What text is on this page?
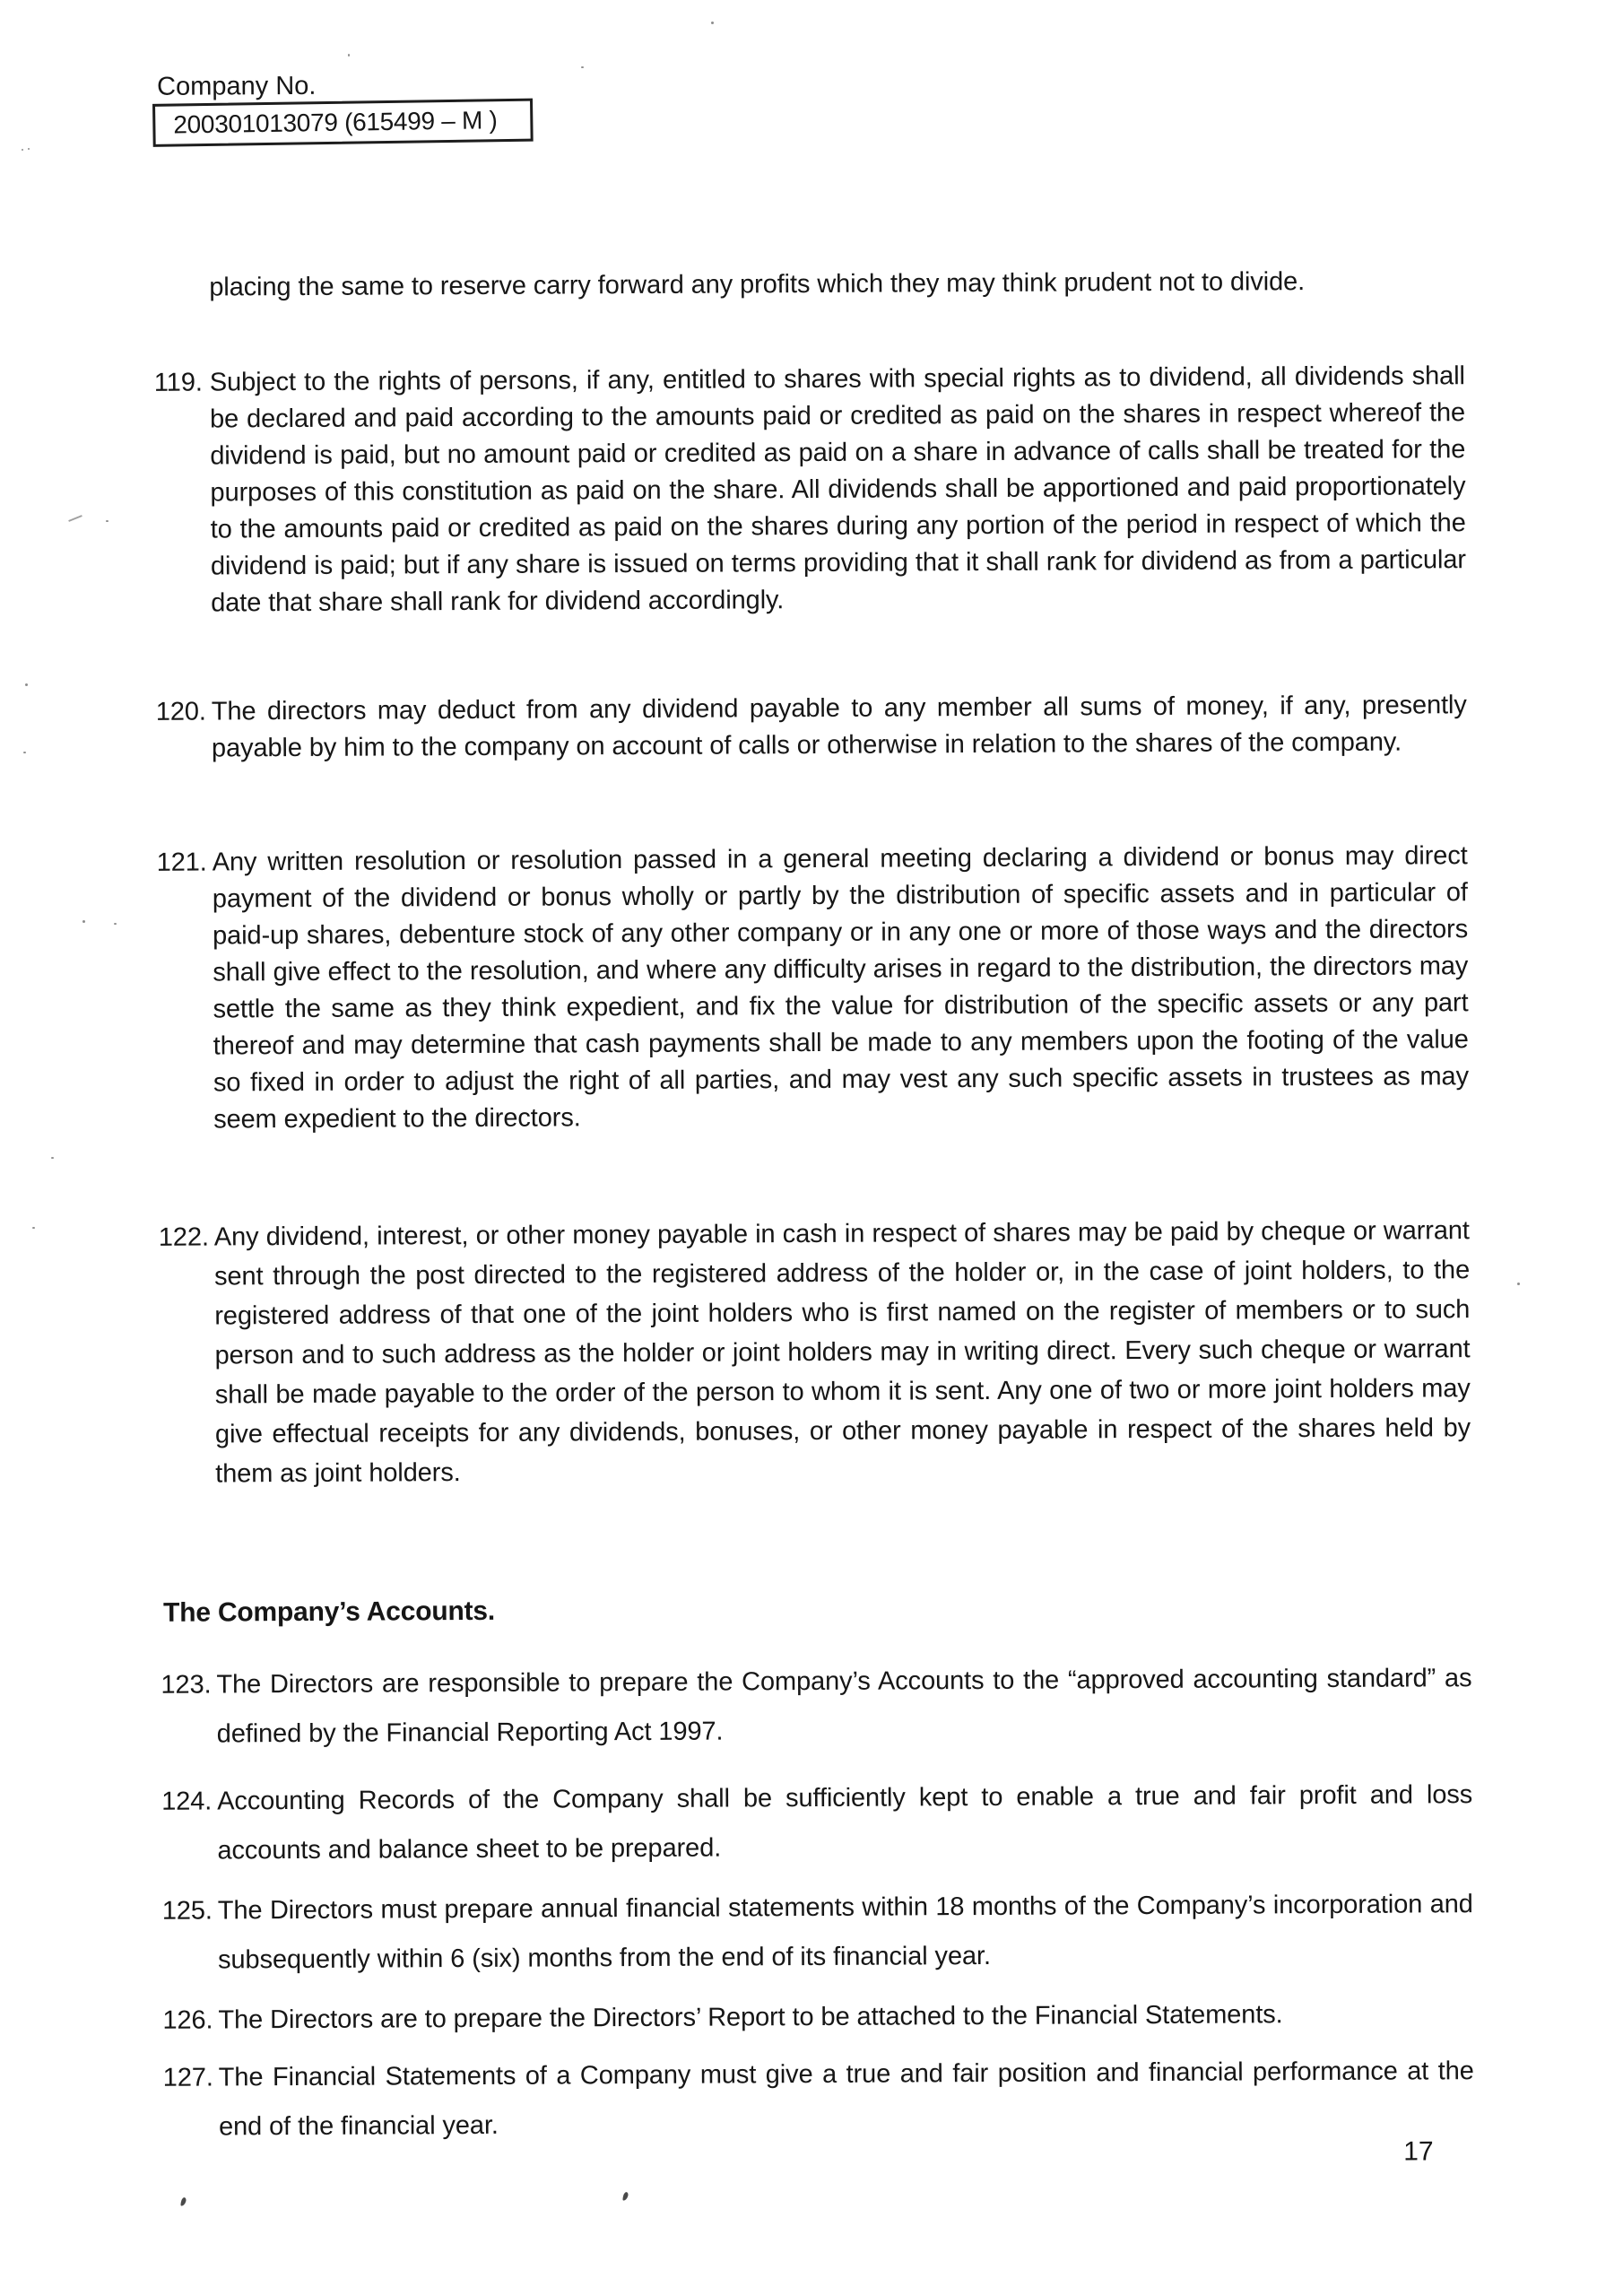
Company No.
200301013079 (615499 – M )

placing the same to reserve carry forward any profits which they may think prudent not to divide.

119. Subject to the rights of persons, if any, entitled to shares with special rights as to dividend, all dividends shall be declared and paid according to the amounts paid or credited as paid on the shares in respect whereof the dividend is paid, but no amount paid or credited as paid on a share in advance of calls shall be treated for the purposes of this constitution as paid on the share. All dividends shall be apportioned and paid proportionately to the amounts paid or credited as paid on the shares during any portion of the period in respect of which the dividend is paid; but if any share is issued on terms providing that it shall rank for dividend as from a particular date that share shall rank for dividend accordingly.
120. The directors may deduct from any dividend payable to any member all sums of money, if any, presently payable by him to the company on account of calls or otherwise in relation to the shares of the company.
121. Any written resolution or resolution passed in a general meeting declaring a dividend or bonus may direct payment of the dividend or bonus wholly or partly by the distribution of specific assets and in particular of paid-up shares, debenture stock of any other company or in any one or more of those ways and the directors shall give effect to the resolution, and where any difficulty arises in regard to the distribution, the directors may settle the same as they think expedient, and fix the value for distribution of the specific assets or any part thereof and may determine that cash payments shall be made to any members upon the footing of the value so fixed in order to adjust the right of all parties, and may vest any such specific assets in trustees as may seem expedient to the directors.
122. Any dividend, interest, or other money payable in cash in respect of shares may be paid by cheque or warrant sent through the post directed to the registered address of the holder or, in the case of joint holders, to the registered address of that one of the joint holders who is first named on the register of members or to such person and to such address as the holder or joint holders may in writing direct. Every such cheque or warrant shall be made payable to the order of the person to whom it is sent. Any one of two or more joint holders may give effectual receipts for any dividends, bonuses, or other money payable in respect of the shares held by them as joint holders.
The Company’s Accounts.
123. The Directors are responsible to prepare the Company’s Accounts to the “approved accounting standard” as defined by the Financial Reporting Act 1997.
124. Accounting Records of the Company shall be sufficiently kept to enable a true and fair profit and loss accounts and balance sheet to be prepared.
125. The Directors must prepare annual financial statements within 18 months of the Company’s incorporation and subsequently within 6 (six) months from the end of its financial year.
126. The Directors are to prepare the Directors’ Report to be attached to the Financial Statements.
127. The Financial Statements of a Company must give a true and fair position and financial performance at the end of the financial year.
17
